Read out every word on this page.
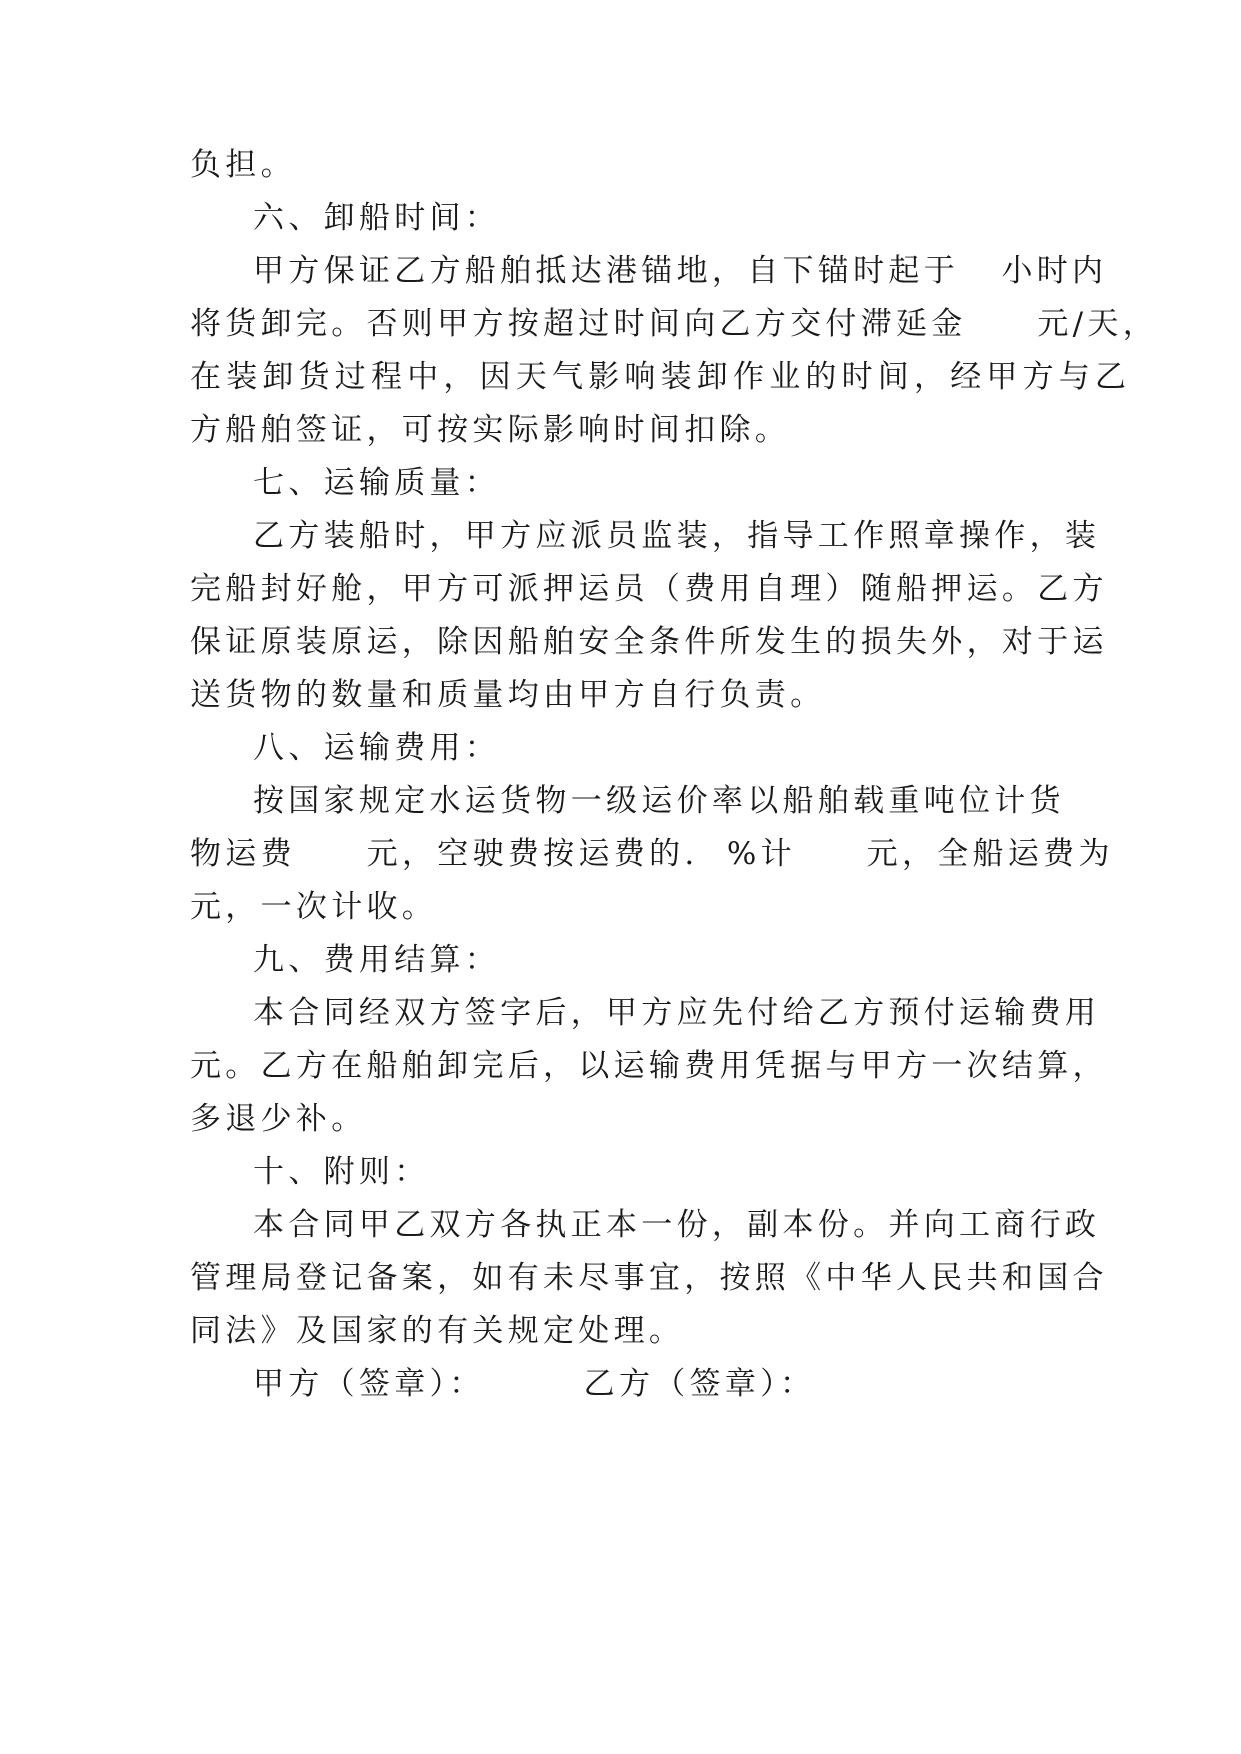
负担。
六、卸船时间：
甲方保证乙方船舶抵达港锚地，自下锚时起于   小时内
将货卸完。否则甲方按超过时间向乙方交付滞延金     元/天，
在装卸货过程中，因天气影响装卸作业的时间，经甲方与乙
方船舶签证，可按实际影响时间扣除。
七、运输质量：
乙方装船时，甲方应派员监装，指导工作照章操作，装
完船封好舱，甲方可派押运员（费用自理）随船押运。乙方
保证原装原运，除因船舶安全条件所发生的损失外，对于运
送货物的数量和质量均由甲方自行负责。
八、运输费用：
按国家规定水运货物一级运价率以船舶载重吨位计货
物运费     元，空驶费按运费的.  %计     元，全船运费为
元，一次计收。
九、费用结算：
本合同经双方签字后，甲方应先付给乙方预付运输费用
元。乙方在船舶卸完后，以运输费用凭据与甲方一次结算，
多退少补。
十、附则：
本合同甲乙双方各执正本一份，副本份。并向工商行政
管理局登记备案，如有未尽事宜，按照《中华人民共和国合
同法》及国家的有关规定处理。
甲方（签章）：       乙方（签章）：
